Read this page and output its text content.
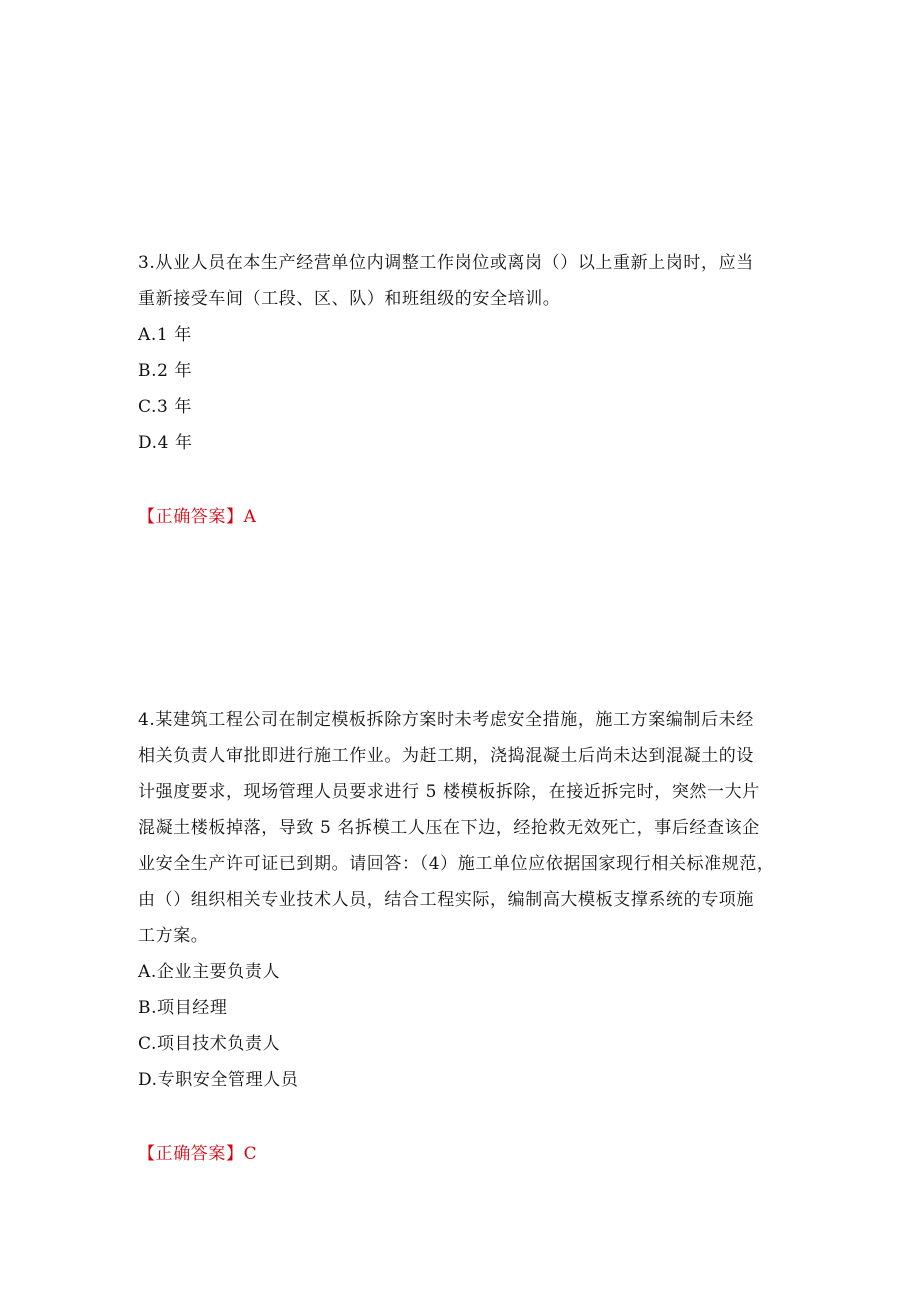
3.从业人员在本生产经营单位内调整工作岗位或离岗（）以上重新上岗时，应当
重新接受车间（工段、区、队）和班组级的安全培训。
A.1 年
B.2 年
C.3 年
D.4 年
【正确答案】A
4.某建筑工程公司在制定模板拆除方案时未考虑安全措施，施工方案编制后未经
相关负责人审批即进行施工作业。为赶工期，浇捣混凝土后尚未达到混凝土的设
计强度要求，现场管理人员要求进行 5 楼模板拆除，在接近拆完时，突然一大片
混凝土楼板掉落，导致 5 名拆模工人压在下边，经抢救无效死亡，事后经查该企
业安全生产许可证已到期。请回答：（4）施工单位应依据国家现行相关标准规范，
由（）组织相关专业技术人员，结合工程实际，编制高大模板支撑系统的专项施
工方案。
A.企业主要负责人
B.项目经理
C.项目技术负责人
D.专职安全管理人员
【正确答案】C
